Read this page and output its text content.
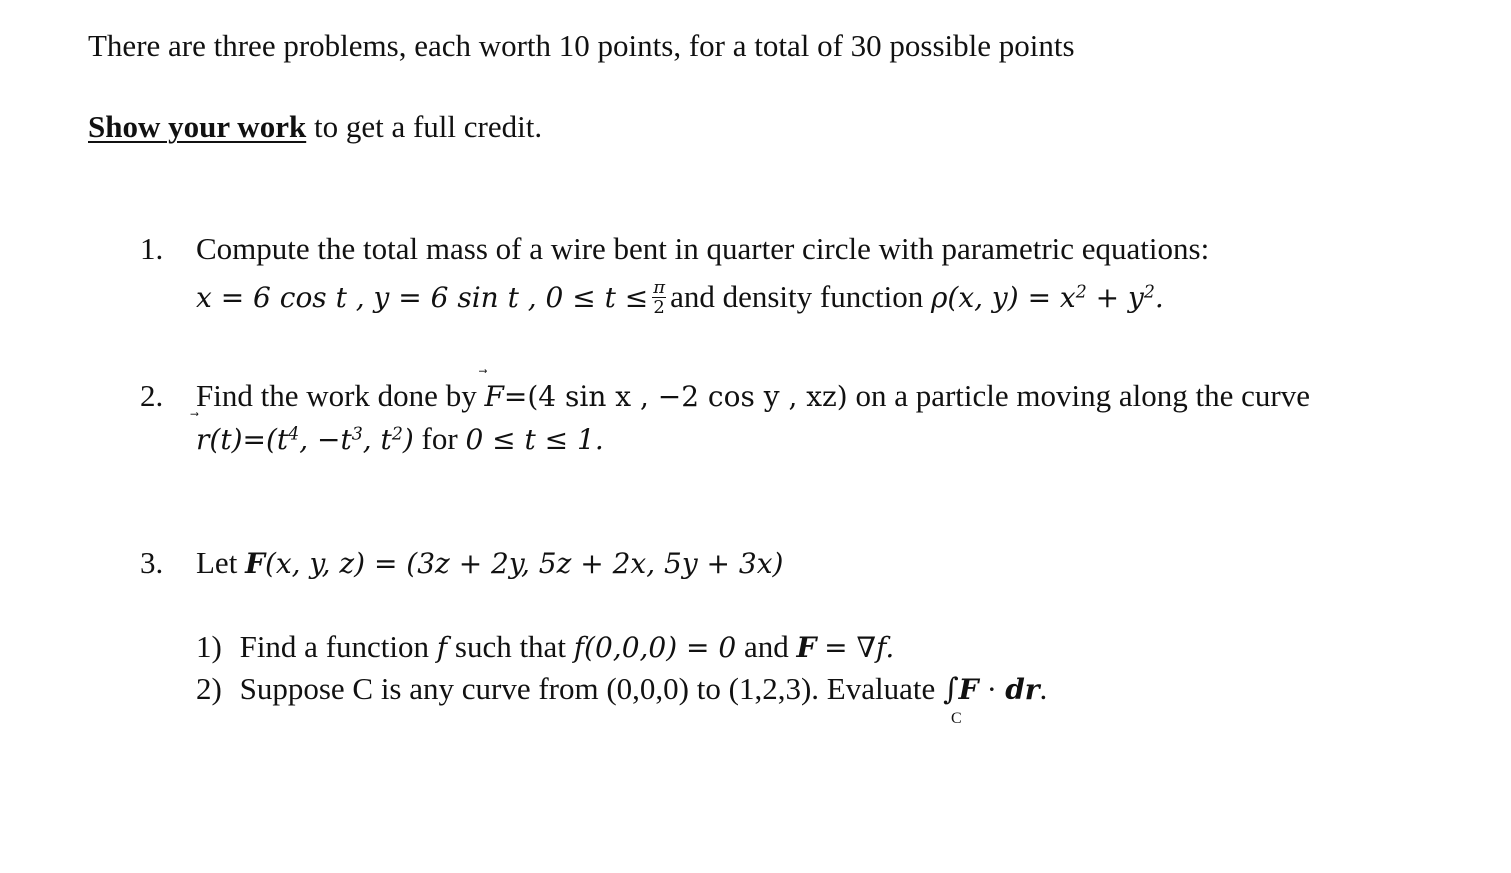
There are three problems, each worth 10 points, for a total of 30 possible points
Show your work to get a full credit.
1. Compute the total mass of a wire bent in quarter circle with parametric equations:
x = 6 cos t , y = 6 sin t , $0 \le t \le \frac{\pi}{2}$ and density function ρ(x, $y) = x^2 + y^2$.
2. Find the work done by F=(4 sin x , −2 cos y , xz) on a particle moving along the curve
$r(t)=(t^4$, $-t^3$, $t^2$) for 0 ≤ t ≤ 1.
3. Let F(x, y, z) = (3z + 2y, 5z + 2x, 5y + 3x)
1) Find a function f such that f(0,0,0) = 0 and F = ∇f.
2) Suppose C is any curve from (0,0,0) to (1,2,3). Evaluate ∫
C
F · dr.
